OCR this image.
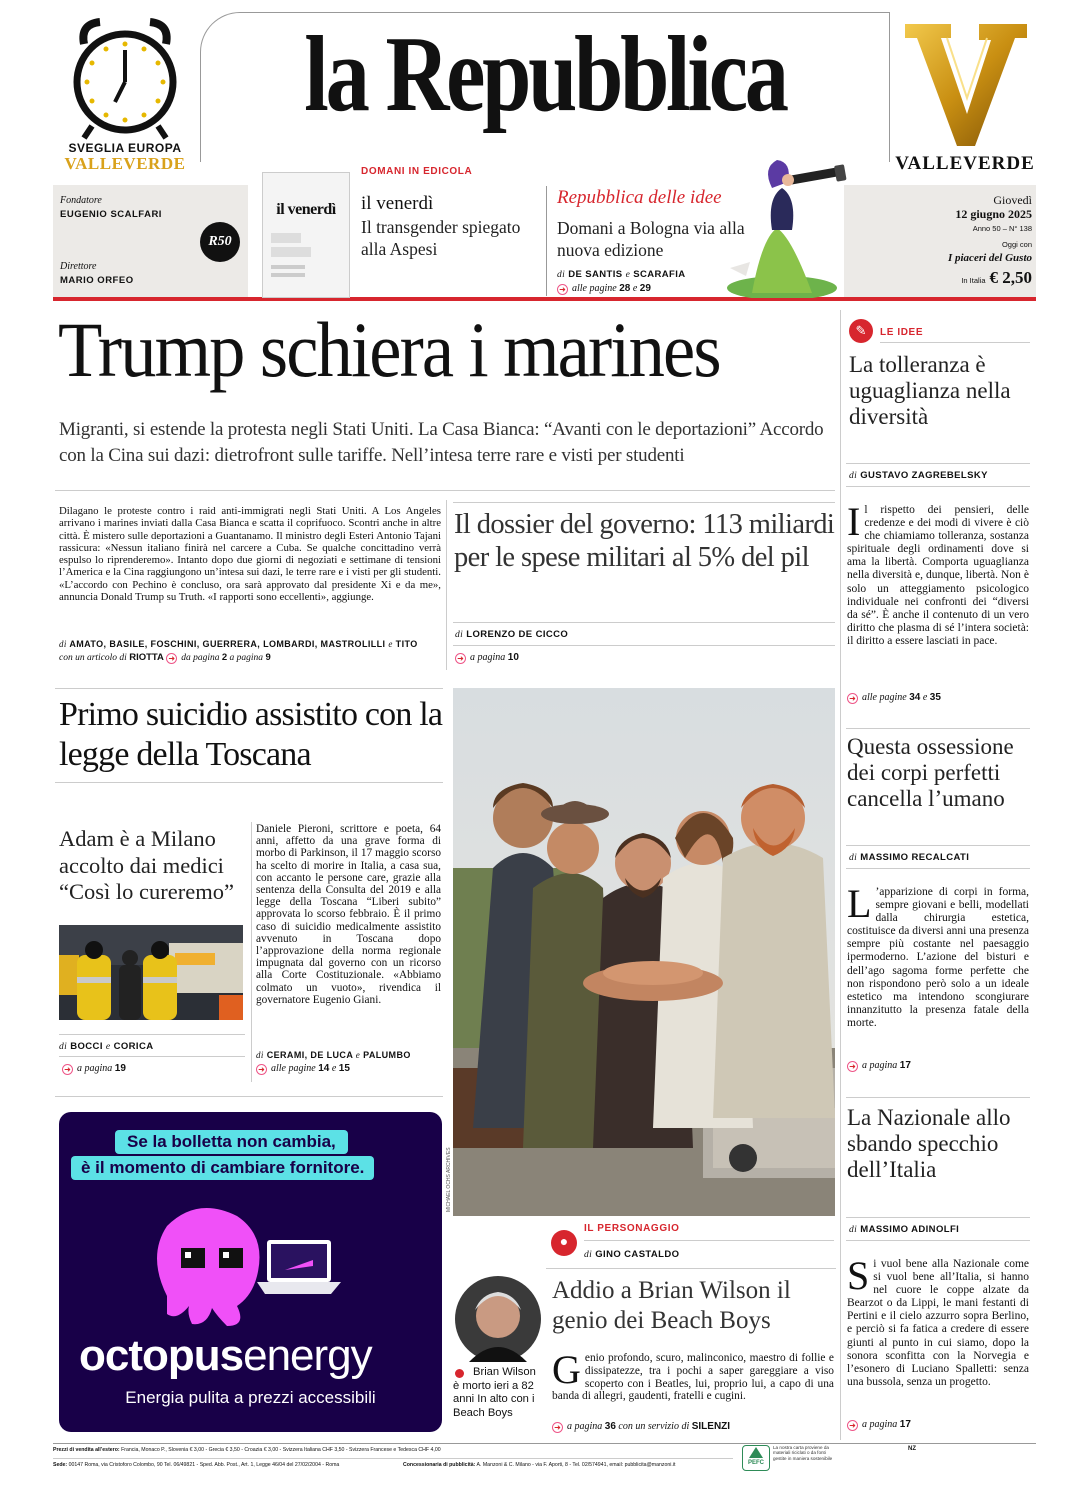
SVEGLIA EUROPA
VALLEVERDE
la Repubblica
VALLEVERDE
Fondatore
EUGENIO SCALFARI
Direttore
MARIO ORFEO
R50
il venerdì
DOMANI IN EDICOLA
il venerdì
Il transgender spiegato alla Aspesi
Repubblica delle idee
Domani a Bologna via alla nuova edizione
di DE SANTIS e SCARAFIA
➜ alle pagine 28 e 29
Giovedì
12 giugno 2025
Anno 50 – N° 138
Oggi con
I piaceri del Gusto
In Italia € 2,50
Trump schiera i marines
Migranti, si estende la protesta negli Stati Uniti. La Casa Bianca: “Avanti con le deportazioni” Accordo con la Cina sui dazi: dietrofront sulle tariffe. Nell’intesa terre rare e visti per studenti
Dilagano le proteste contro i raid anti-immigrati negli Stati Uniti. A Los Angeles arrivano i marines inviati dalla Casa Bianca e scatta il coprifuoco. Scontri anche in altre città. È mistero sulle deportazioni a Guantanamo. Il ministro degli Esteri Antonio Tajani rassicura: «Nessun italiano finirà nel carcere a Cuba. Se qualche concittadino verrà espulso lo riprenderemo». Intanto dopo due giorni di negoziati e settimane di tensioni l’America e la Cina raggiungono un’intesa sui dazi, le terre rare e i visti per gli studenti. «L’accordo con Pechino è concluso, ora sarà approvato dal presidente Xi e da me», annuncia Donald Trump su Truth. «I rapporti sono eccellenti», aggiunge.
di AMATO, BASILE, FOSCHINI, GUERRERA, LOMBARDI, MASTROLILLI e TITO
con un articolo di RIOTTA ➜ da pagina 2 a pagina 9
Il dossier del governo: 113 miliardi per le spese militari al 5% del pil
di LORENZO DE CICCO
➜ a pagina 10
Primo suicidio assistito con la legge della Toscana
Adam è a Milano accolto dai medici “Così lo cureremo”
di BOCCI e CORICA
➜ a pagina 19
Daniele Pieroni, scrittore e poeta, 64 anni, affetto da una grave forma di morbo di Parkinson, il 17 maggio scorso ha scelto di morire in Italia, a casa sua, con accanto le persone care, grazie alla sentenza della Consulta del 2019 e alla legge della Toscana “Liberi subito” approvata lo scorso febbraio. È il primo caso di suicidio medicalmente assistito avvenuto in Toscana dopo l’approvazione della norma regionale impugnata dal governo con un ricorso alla Corte Costituzionale. «Abbiamo colmato un vuoto», rivendica il governatore Eugenio Giani.
di CERAMI, DE LUCA e PALUMBO
➜ alle pagine 14 e 15
Se la bolletta non cambia,
è il momento di cambiare fornitore.
octopusenergy
Energia pulita a prezzi accessibili
MICHAEL OCHS ARCHIVES
●
IL PERSONAGGIO
di GINO CASTALDO
Addio a Brian Wilson il genio dei Beach Boys
Brian Wilson è morto ieri a 82 anni In alto con i Beach Boys
Genio profondo, scuro, malinconico, maestro di follie e dissipatezze, tra i pochi a saper gareggiare a viso scoperto con i Beatles, lui, proprio lui, a capo di una banda di allegri, gaudenti, fratelli e cugini.
➜ a pagina 36 con un servizio di SILENZI
✎	LE IDEE
La tolleranza è uguaglianza nella diversità
di GUSTAVO ZAGREBELSKY
Il rispetto dei pensieri, delle credenze e dei modi di vivere è ciò che chiamiamo tolleranza, sostanza spirituale degli ordinamenti dove si ama la libertà. Comporta uguaglianza nella diversità e, dunque, libertà. Non è solo un atteggiamento psicologico individuale nei confronti dei “diversi da sé”. È anche il contenuto di un vero diritto che plasma di sé l’intera società: il diritto a essere lasciati in pace.
➜ alle pagine 34 e 35
Questa ossessione dei corpi perfetti cancella l’umano
di MASSIMO RECALCATI
L ’apparizione di corpi in forma, sempre giovani e belli, modellati dalla chirurgia estetica, costituisce da diversi anni una presenza sempre più costante nel paesaggio ipermoderno. L’azione del bisturi e dell’ago sagoma forme perfette che non rispondono però solo a un ideale estetico ma intendono scongiurare innanzitutto la presenza fatale della morte.
➜ a pagina 17
La Nazionale allo sbando specchio dell’Italia
di MASSIMO ADINOLFI
Si vuol bene alla Nazionale come si vuol bene all’Italia, si hanno nel cuore le coppe alzate da Bearzot o da Lippi, le mani festanti di Pertini e il cielo azzurro sopra Berlino, e perciò si fa fatica a credere di essere giunti al punto in cui siamo, dopo la sonora sconfitta con la Norvegia e l’esonero di Luciano Spalletti: senza una bussola, senza un progetto.
➜ a pagina 17
Prezzi di vendita all’estero: Francia, Monaco P., Slovenia € 3,00 - Grecia € 3,50 - Croazia € 3,00 - Svizzera Italiana CHF 3,50 - Svizzera Francese e Tedesca CHF 4,00
Sede: 00147 Roma, via Cristoforo Colombo, 90 Tel. 06/49821 - Sped. Abb. Post., Art. 1, Legge 46/04 del 27/02/2004 - Roma	Concessionaria di pubblicità: A. Manzoni & C. Milano - via F. Aporti, 8 - Tel. 02/574941, email: pubblicita@manzoni.it	PEFC
La nostra carta proviene da materiali riciclati o da fonti gestite in maniera sostenibile
NZ
